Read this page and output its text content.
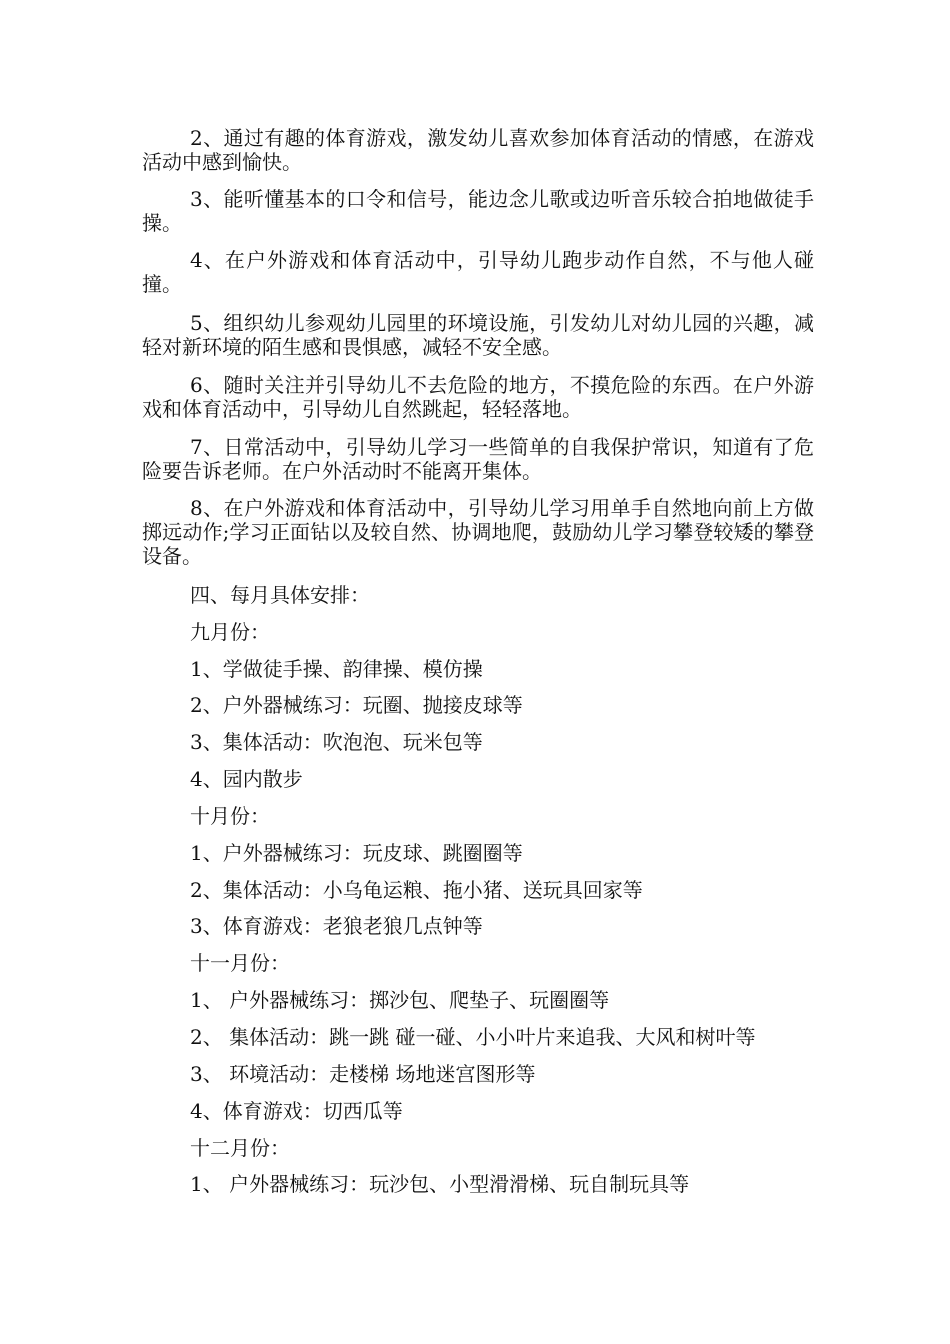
2、通过有趣的体育游戏，激发幼儿喜欢参加体育活动的情感，在游戏活动中感到愉快。

3、能听懂基本的口令和信号，能边念儿歌或边听音乐较合拍地做徒手操。

4、在户外游戏和体育活动中，引导幼儿跑步动作自然，不与他人碰撞。

5、组织幼儿参观幼儿园里的环境设施，引发幼儿对幼儿园的兴趣，减轻对新环境的陌生感和畏惧感，减轻不安全感。

6、随时关注并引导幼儿不去危险的地方，不摸危险的东西。在户外游戏和体育活动中，引导幼儿自然跳起，轻轻落地。

7、日常活动中，引导幼儿学习一些简单的自我保护常识，知道有了危险要告诉老师。在户外活动时不能离开集体。

8、在户外游戏和体育活动中，引导幼儿学习用单手自然地向前上方做掷远动作;学习正面钻以及较自然、协调地爬，鼓励幼儿学习攀登较矮的攀登设备。

四、每月具体安排：

九月份：

1、学做徒手操、韵律操、模仿操

2、户外器械练习：玩圈、抛接皮球等

3、集体活动：吹泡泡、玩米包等

4、园内散步

十月份：

1、户外器械练习：玩皮球、跳圈圈等

2、集体活动：小乌龟运粮、拖小猪、送玩具回家等

3、体育游戏：老狼老狼几点钟等

十一月份：

1、 户外器械练习：掷沙包、爬垫子、玩圈圈等

2、 集体活动：跳一跳 碰一碰、小小叶片来追我、大风和树叶等

3、 环境活动：走楼梯 场地迷宫图形等

4、体育游戏：切西瓜等

十二月份：

1、 户外器械练习：玩沙包、小型滑滑梯、玩自制玩具等
